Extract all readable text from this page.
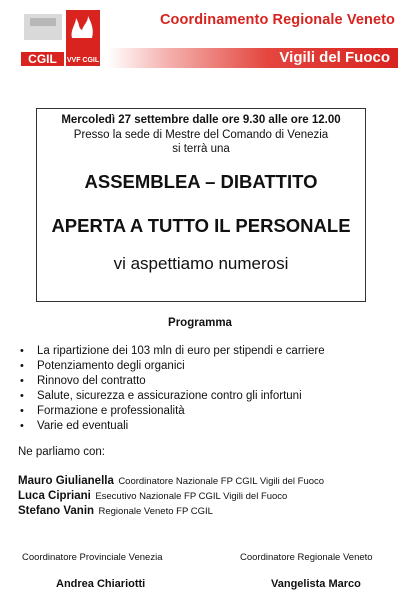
CGIL VVF CGIL
Coordinamento Regionale Veneto
Vigili del Fuoco
Mercoledì 27 settembre dalle ore 9.30 alle ore 12.00
Presso la sede di Mestre del Comando di Venezia
si terrà una
ASSEMBLEA – DIBATTITO
APERTA A TUTTO IL PERSONALE
vi aspettiamo numerosi
Programma
• La ripartizione dei 103 mln di euro per stipendi e carriere
• Potenziamento degli organici
• Rinnovo del contratto
• Salute, sicurezza e assicurazione contro gli infortuni
• Formazione e professionalità
• Varie ed eventuali
Ne parliamo con:
Mauro Giulianella Coordinatore Nazionale FP CGIL Vigili del Fuoco
Luca Cipriani Esecutivo Nazionale FP CGIL Vigili del Fuoco
Stefano Vanin Regionale Veneto FP CGIL
Coordinatore Provinciale Venezia	Coordinatore Regionale Veneto
Andrea Chiariotti	Vangelista Marco
